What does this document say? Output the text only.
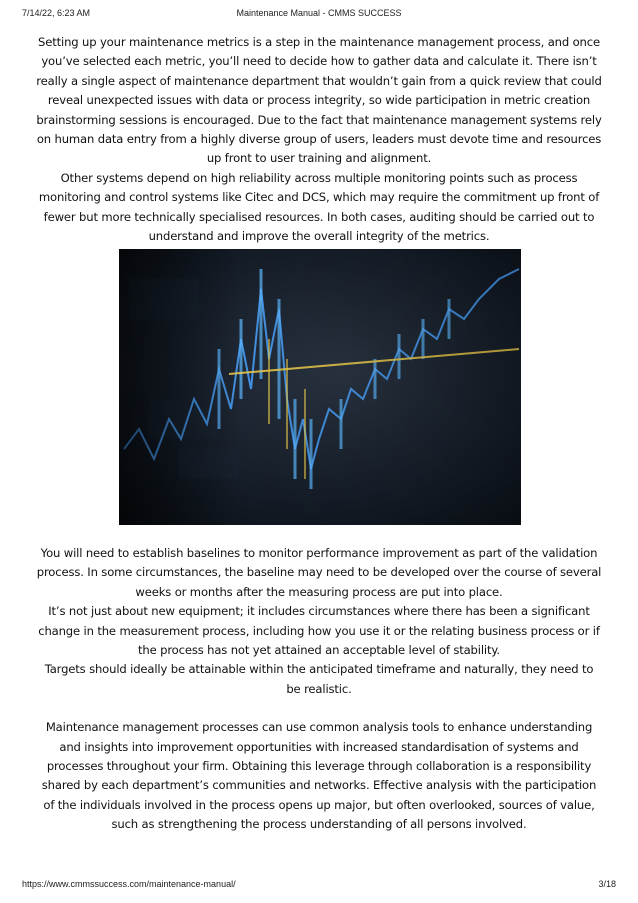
7/14/22, 6:23 AM	Maintenance Manual - CMMS SUCCESS

Setting up your maintenance metrics is a step in the maintenance management process, and once you’ve selected each metric, you’ll need to decide how to gather data and calculate it. There isn’t really a single aspect of maintenance department that wouldn’t gain from a quick review that could reveal unexpected issues with data or process integrity, so wide participation in metric creation brainstorming sessions is encouraged. Due to the fact that maintenance management systems rely on human data entry from a highly diverse group of users, leaders must devote time and resources up front to user training and alignment.

Other systems depend on high reliability across multiple monitoring points such as process monitoring and control systems like Citec and DCS, which may require the commitment up front of fewer but more technically specialised resources. In both cases, auditing should be carried out to understand and improve the overall integrity of the metrics.

You will need to establish baselines to monitor performance improvement as part of the validation process. In some circumstances, the baseline may need to be developed over the course of several weeks or months after the measuring process are put into place.

It’s not just about new equipment; it includes circumstances where there has been a significant change in the measurement process, including how you use it or the relating business process or if the process has not yet attained an acceptable level of stability.

Targets should ideally be attainable within the anticipated timeframe and naturally, they need to be realistic.

Maintenance management processes can use common analysis tools to enhance understanding and insights into improvement opportunities with increased standardisation of systems and processes throughout your firm. Obtaining this leverage through collaboration is a responsibility shared by each department’s communities and networks. Effective analysis with the participation of the individuals involved in the process opens up major, but often overlooked, sources of value, such as strengthening the process understanding of all persons involved.

https://www.cmmssuccess.com/maintenance-manual/	3/18
